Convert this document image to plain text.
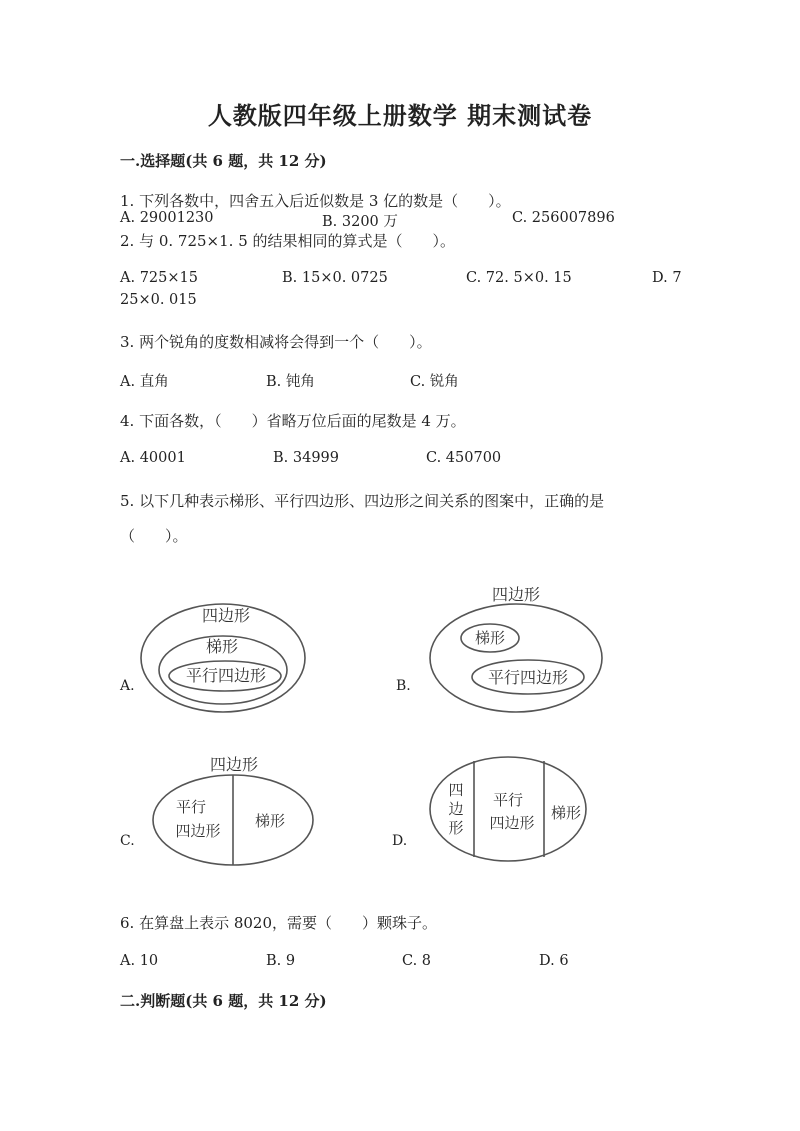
人教版四年级上册数学 期末测试卷
一.选择题(共 6 题，共 12 分)
1. 下列各数中，四舍五入后近似数是 3 亿的数是（　　）。
A. 29001230	B. 3200 万	C. 256007896
2. 与 0. 725×1. 5 的结果相同的算式是（　　）。
A. 725×15	B. 15×0. 0725	C. 72. 5×0. 15	D. 7
25×0. 015
3. 两个锐角的度数相减将会得到一个（　　）。
A. 直角	B. 钝角	C. 锐角
4. 下面各数，（　　）省略万位后面的尾数是 4 万。
A. 40001	B. 34999	C. 450700
5. 以下几种表示梯形、平行四边形、四边形之间关系的图案中，正确的是
（　　）。
A.
四边形
梯形
平行四边形
B.
四边形
梯形
平行四边形
C.
四边形
平行
四边形
梯形
D.
四
边
形
平行
四边形
梯形
6. 在算盘上表示 8020，需要（　　）颗珠子。
A. 10	B. 9	C. 8	D. 6
二.判断题(共 6 题，共 12 分)
